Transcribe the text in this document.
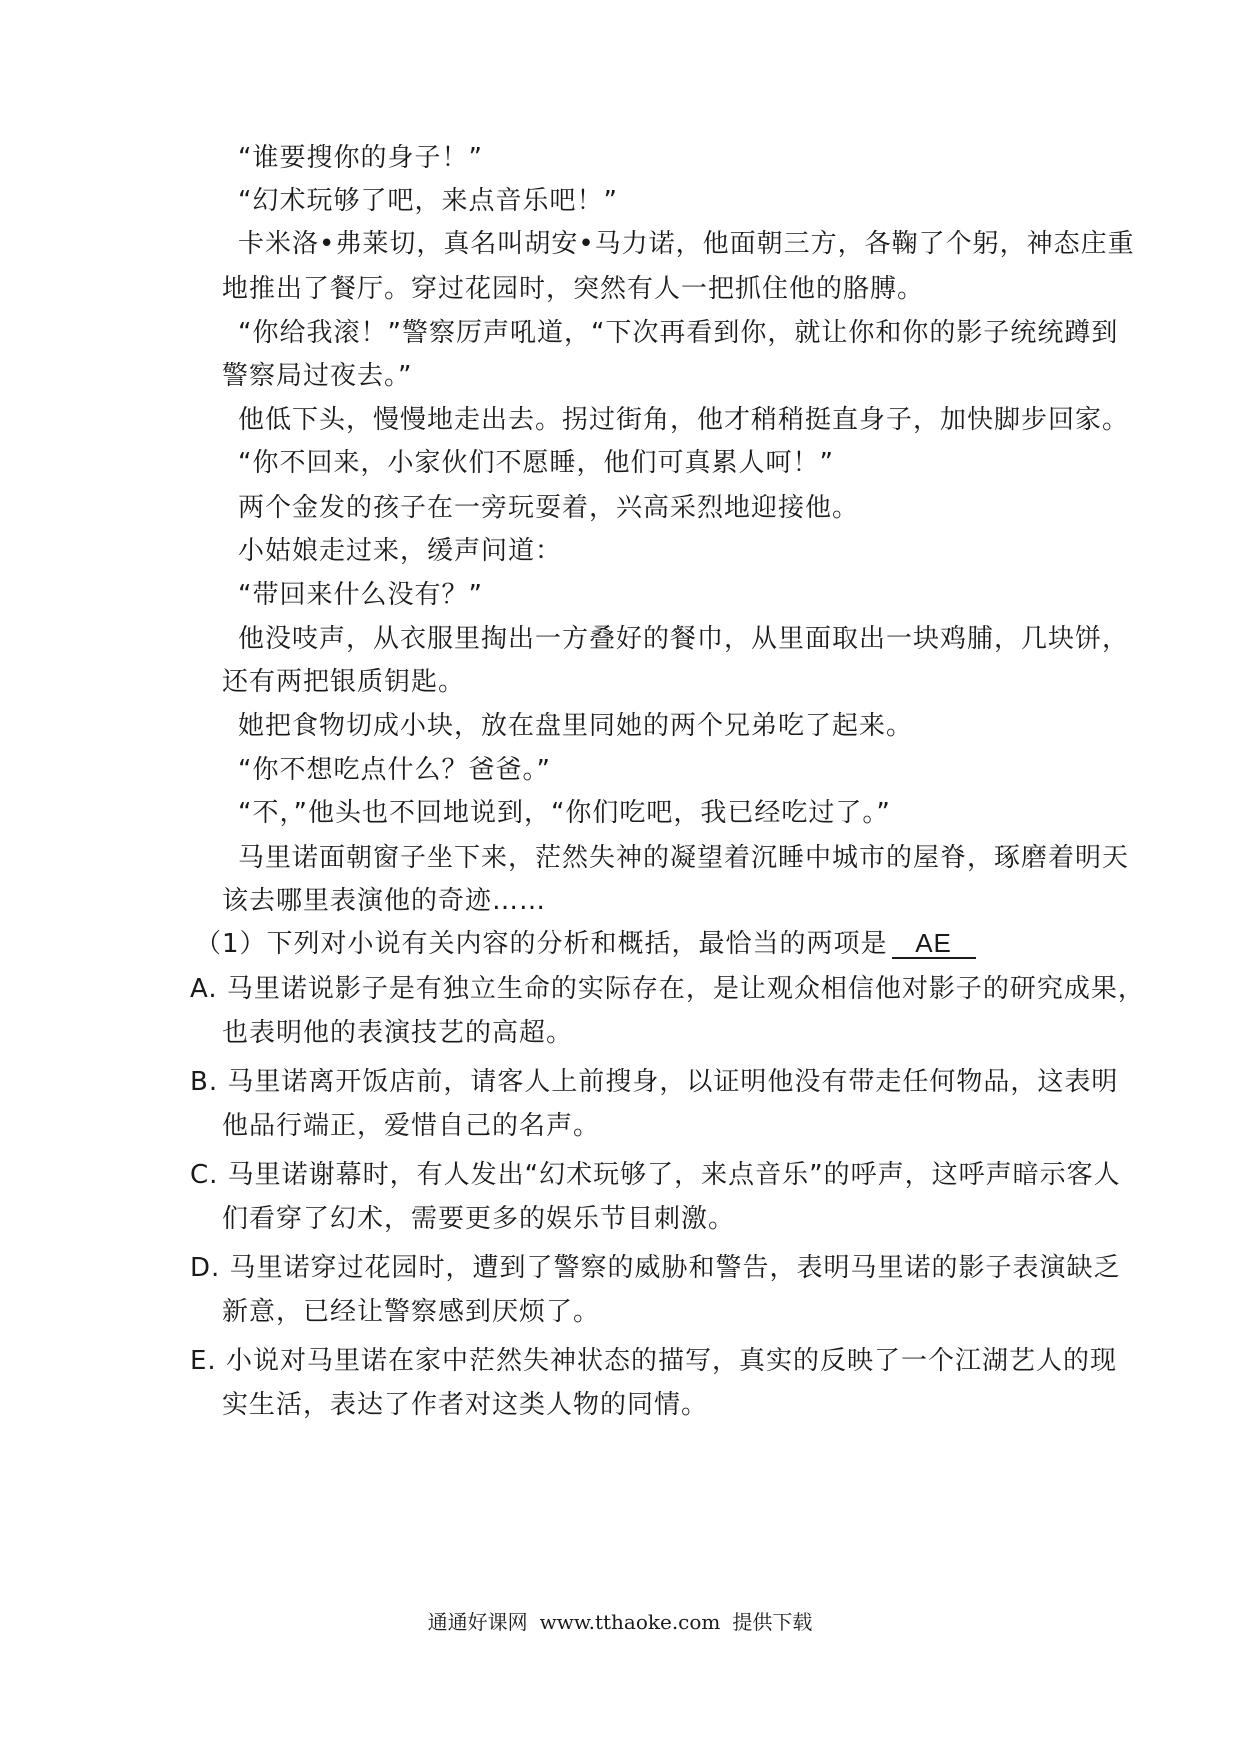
“谁要搜你的身子！”
“幻术玩够了吧，来点音乐吧！”
卡米洛•弗莱切，真名叫胡安•马力诺，他面朝三方，各鞠了个躬，神态庄重
地推出了餐厅。穿过花园时，突然有人一把抓住他的胳膊。
“你给我滚！”警察厉声吼道，“下次再看到你，就让你和你的影子统统蹲到
警察局过夜去。”
他低下头，慢慢地走出去。拐过街角，他才稍稍挺直身子，加快脚步回家。
“你不回来，小家伙们不愿睡，他们可真累人呵！”
两个金发的孩子在一旁玩耍着，兴高采烈地迎接他。
小姑娘走过来，缓声问道：
“带回来什么没有？”
他没吱声，从衣服里掏出一方叠好的餐巾，从里面取出一块鸡脯，几块饼，
还有两把银质钥匙。
她把食物切成小块，放在盘里同她的两个兄弟吃了起来。
“你不想吃点什么？爸爸。”
“不，”他头也不回地说到，“你们吃吧，我已经吃过了。”
马里诺面朝窗子坐下来，茫然失神的凝望着沉睡中城市的屋脊，琢磨着明天
该去哪里表演他的奇迹……
（1）下列对小说有关内容的分析和概括，最恰当的两项是 AE
A. 马里诺说影子是有独立生命的实际存在，是让观众相信他对影子的研究成果，
也表明他的表演技艺的高超。
B. 马里诺离开饭店前，请客人上前搜身，以证明他没有带走任何物品，这表明
他品行端正，爱惜自己的名声。
C. 马里诺谢幕时，有人发出“幻术玩够了，来点音乐”的呼声，这呼声暗示客人
们看穿了幻术，需要更多的娱乐节目刺激。
D. 马里诺穿过花园时，遭到了警察的威胁和警告，表明马里诺的影子表演缺乏
新意，已经让警察感到厌烦了。
E. 小说对马里诺在家中茫然失神状态的描写，真实的反映了一个江湖艺人的现
实生活，表达了作者对这类人物的同情。
通通好课网 www.tthaoke.com 提供下载
